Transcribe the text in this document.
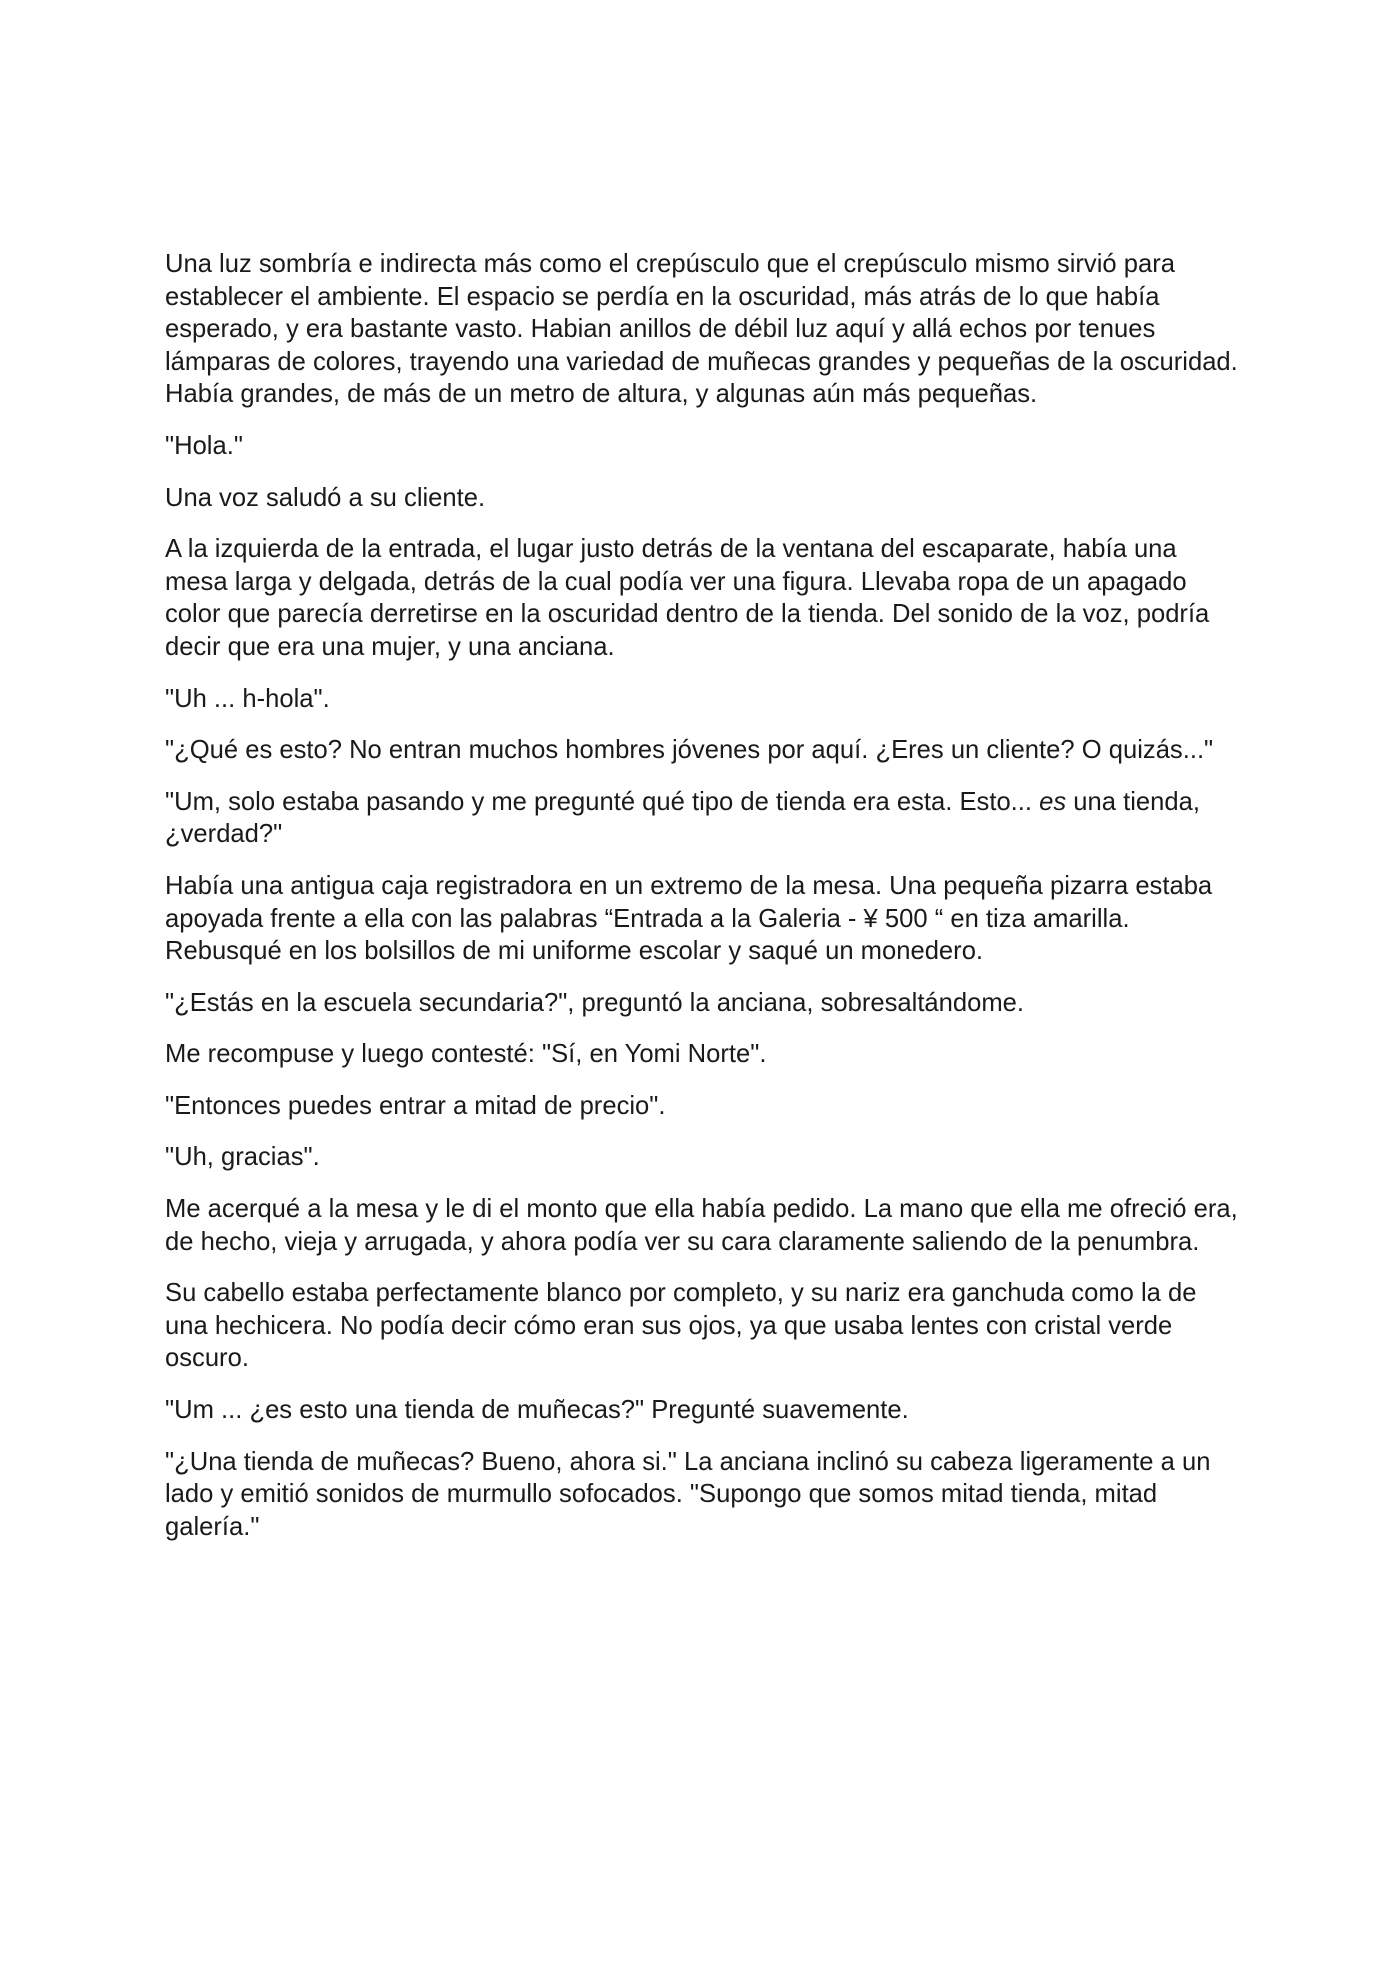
Una luz sombría e indirecta más como el crepúsculo que el crepúsculo mismo sirvió para establecer el ambiente. El espacio se perdía en la oscuridad, más atrás de lo que había esperado, y era bastante vasto. Habian anillos de débil luz aquí y allá echos por tenues lámparas de colores, trayendo una variedad de muñecas grandes y pequeñas de la oscuridad. Había grandes, de más de un metro de altura, y algunas aún más pequeñas.

"Hola."

Una voz saludó a su cliente.

A la izquierda de la entrada, el lugar justo detrás de la ventana del escaparate, había una mesa larga y delgada, detrás de la cual podía ver una figura. Llevaba ropa de un apagado color que parecía derretirse en la oscuridad dentro de la tienda. Del sonido de la voz, podría decir que era una mujer, y una anciana.

"Uh ... h-hola".

"¿Qué es esto? No entran muchos hombres jóvenes por aquí. ¿Eres un cliente? O quizás..."

"Um, solo estaba pasando y me pregunté qué tipo de tienda era esta. Esto... es una tienda, ¿verdad?"

Había una antigua caja registradora en un extremo de la mesa. Una pequeña pizarra estaba apoyada frente a ella con las palabras “Entrada a la Galeria - ¥ 500 “ en tiza amarilla. Rebusqué en los bolsillos de mi uniforme escolar y saqué un monedero.

"¿Estás en la escuela secundaria?", preguntó la anciana, sobresaltándome.

Me recompuse y luego contesté: "Sí, en Yomi Norte".

"Entonces puedes entrar a mitad de precio".

"Uh, gracias".

Me acerqué a la mesa y le di el monto que ella había pedido. La mano que ella me ofreció era, de hecho, vieja y arrugada, y ahora podía ver su cara claramente saliendo de la penumbra.

Su cabello estaba perfectamente blanco por completo, y su nariz era ganchuda como la de una hechicera. No podía decir cómo eran sus ojos, ya que usaba lentes con cristal verde oscuro.

"Um ... ¿es esto una tienda de muñecas?" Pregunté suavemente.

"¿Una tienda de muñecas? Bueno, ahora si." La anciana inclinó su cabeza ligeramente a un lado y emitió sonidos de murmullo sofocados. "Supongo que somos mitad tienda, mitad galería."
